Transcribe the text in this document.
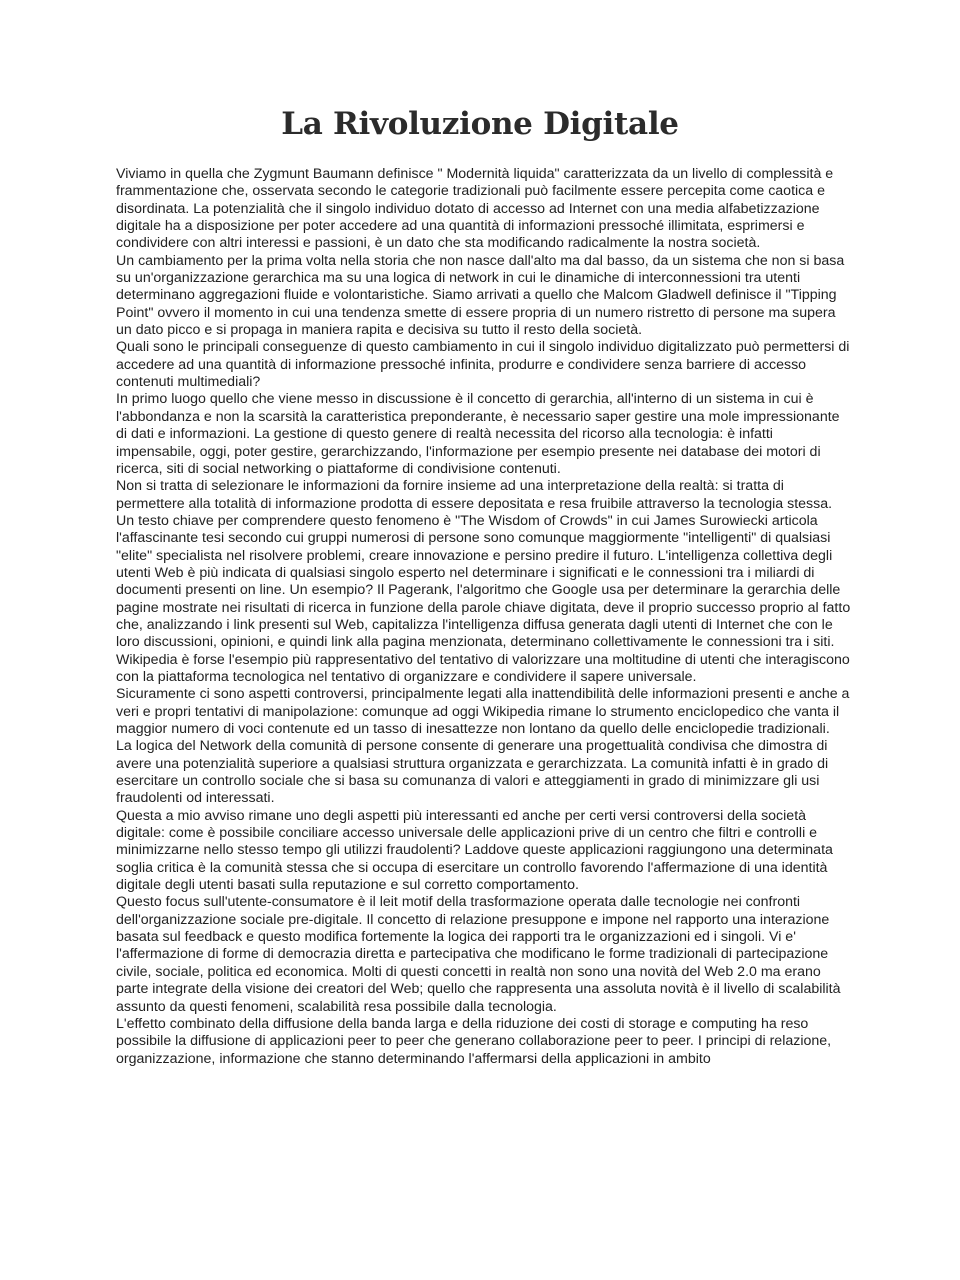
La Rivoluzione Digitale

Viviamo in quella che Zygmunt Baumann definisce " Modernità liquida" caratterizzata da un livello di complessità e frammentazione che, osservata secondo le categorie tradizionali può facilmente essere percepita come caotica e disordinata. La potenzialità che il singolo individuo dotato di accesso ad Internet con una media alfabetizzazione digitale ha a disposizione per poter accedere ad una quantità di informazioni pressoché illimitata, esprimersi e condividere con altri interessi e passioni, è un dato che sta modificando radicalmente la nostra società.

Un cambiamento per la prima volta nella storia che non nasce dall'alto ma dal basso, da un sistema che non si basa su un'organizzazione gerarchica ma su una logica di network in cui le dinamiche di interconnessioni tra utenti determinano aggregazioni fluide e volontaristiche. Siamo arrivati a quello che Malcom Gladwell definisce il "Tipping Point" ovvero il momento in cui una tendenza smette di essere propria di un numero ristretto di persone ma supera un dato picco e si propaga in maniera rapita e decisiva su tutto il resto della società.

Quali sono le principali conseguenze di questo cambiamento in cui il singolo individuo digitalizzato può permettersi di accedere ad una quantità di informazione pressoché infinita, produrre e condividere senza barriere di accesso contenuti multimediali?

In primo luogo quello che viene messo in discussione è il concetto di gerarchia, all'interno di un sistema in cui è l'abbondanza e non la scarsità la caratteristica preponderante, è necessario saper gestire una mole impressionante di dati e informazioni. La gestione di questo genere di realtà necessita del ricorso alla tecnologia: è infatti impensabile, oggi, poter gestire, gerarchizzando, l'informazione per esempio presente nei database dei motori di ricerca, siti di social networking o piattaforme di condivisione contenuti.

Non si tratta di selezionare le informazioni da fornire insieme ad una interpretazione della realtà: si tratta di permettere alla totalità di informazione prodotta di essere depositata e resa fruibile attraverso la tecnologia stessa. Un testo chiave per comprendere questo fenomeno è "The Wisdom of Crowds" in cui James Surowiecki articola l'affascinante tesi secondo cui gruppi numerosi di persone sono comunque maggiormente "intelligenti" di qualsiasi "elite" specialista nel risolvere problemi, creare innovazione e persino predire il futuro. L'intelligenza collettiva degli utenti Web è più indicata di qualsiasi singolo esperto nel determinare i significati e le connessioni tra i miliardi di documenti presenti on line. Un esempio? Il Pagerank, l'algoritmo che Google usa per determinare la gerarchia delle pagine mostrate nei risultati di ricerca in funzione della parole chiave digitata, deve il proprio successo proprio al fatto che, analizzando i link presenti sul Web, capitalizza l'intelligenza diffusa generata dagli utenti di Internet che con le loro discussioni, opinioni, e quindi link alla pagina menzionata, determinano collettivamente le connessioni tra i siti. Wikipedia è forse l'esempio più rappresentativo del tentativo di valorizzare una moltitudine di utenti che interagiscono con la piattaforma tecnologica nel tentativo di organizzare e condividere il sapere universale.

Sicuramente ci sono aspetti controversi, principalmente legati alla inattendibilità delle informazioni presenti e anche a veri e propri tentativi di manipolazione: comunque ad oggi Wikipedia rimane lo strumento enciclopedico che vanta il maggior numero di voci contenute ed un tasso di inesattezze non lontano da quello delle enciclopedie tradizionali.

La logica del Network della comunità di persone consente di generare una progettualità condivisa che dimostra di avere una potenzialità superiore a qualsiasi struttura organizzata e gerarchizzata. La comunità infatti è in grado di esercitare un controllo sociale che si basa su comunanza di valori e atteggiamenti in grado di minimizzare gli usi fraudolenti od interessati.

Questa a mio avviso rimane uno degli aspetti più interessanti ed anche per certi versi controversi della società digitale: come è possibile conciliare accesso universale delle applicazioni prive di un centro che filtri e controlli e minimizzarne nello stesso tempo gli utilizzi fraudolenti? Laddove queste applicazioni raggiungono una determinata soglia critica è la comunità stessa che si occupa di esercitare un controllo favorendo l'affermazione di una identità digitale degli utenti basati sulla reputazione e sul corretto comportamento.

Questo focus sull'utente-consumatore è il leit motif della trasformazione operata dalle tecnologie nei confronti dell'organizzazione sociale pre-digitale. Il concetto di relazione presuppone e impone nel rapporto una interazione basata sul feedback e questo modifica fortemente la logica dei rapporti tra le organizzazioni ed i singoli. Vi e' l'affermazione di forme di democrazia diretta e partecipativa che modificano le forme tradizionali di partecipazione civile, sociale, politica ed economica. Molti di questi concetti in realtà non sono una novità del Web 2.0 ma erano parte integrate della visione dei creatori del Web; quello che rappresenta una assoluta novità è il livello di scalabilità assunto da questi fenomeni, scalabilità resa possibile dalla tecnologia.

L'effetto combinato della diffusione della banda larga e della riduzione dei costi di storage e computing ha reso possibile la diffusione di applicazioni peer to peer che generano collaborazione peer to peer. I principi di relazione, organizzazione, informazione che stanno determinando l'affermarsi della applicazioni in ambito
